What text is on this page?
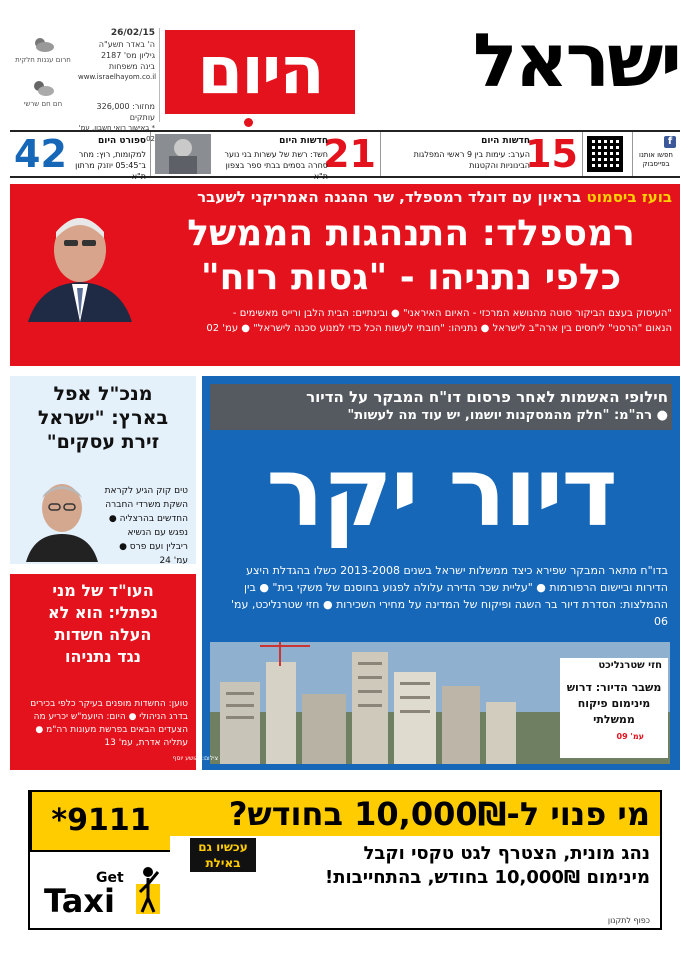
ישראל
היום
26/02/15
ה' באדר תשע"ה
גיליון מס' 2187
בינה משפחות
www.israelhayom.co.il
מחזור: 326,000 עותקים
* באישור רואי חשבון, עמ' 02
חרום עננות חלקית
חם חם שרשי
f
חפשו אותנו בפייסבוק
15
חדשות היום
הערב: עימות בין 9 ראשי המפלגות הבינוניות והקטנות
21
חדשות היום
חשד: רשת של עשרות בני נוער סחרה בסמים בבתי ספר בצפון ת"א
42	ספורט היום
למקומות, רוץ: מחר ב־05:45 יוזנק מרתון ת"א
בועז ביסמוט בראיון עם דונלד רמספלד, שר ההגנה האמריקני לשעבר
רמספלד: התנהגות הממשל
כלפי נתניהו - "גסות רוח"
"העיסוק בעצם הביקור סוטה מהנושא המרכזי - האיום האיראני" ● ובינתיים: הבית הלבן ורייס מאשימים -
הנאום "הרסני" ליחסים בין ארה"ב לישראל ● נתניהו: "חובתי לעשות הכל כדי למנוע סכנה לישראל" ● עמ' 02
מנכ"ל אפל
בארץ: "ישראל
זירת עסקים"
טים קוק הגיע לקראת השקת משרדי החברה החדשים בהרצליה ● נפגש עם הנשיא ריבלין ועם פרס ● עמ' 24
העו"ד של מני
נפתלי: הוא לא
העלה חשדות
נגד נתניהו
טוען: החשדות מופנים בעיקר כלפי בכירים בדרג הניהולי ● היום: היועמ"ש יכריע מה הצעדים הבאים בפרשת מעונות רה"מ ● עתליה אדרת, עמ' 13
חילופי האשמות לאחר פרסום דו"ח המבקר על הדיור
● רה"מ: "חלק מהמסקנות יושמו, יש עוד מה לעשות"
דיור יקר
בדו"ח מתאר המבקר שפירא כיצד ממשלות ישראל בשנים 2013-2008 כשלו בהגדלת היצע הדירות וביישום הרפורמות ● "עליית שכר הדירה עלולה לפגוע בחוסנם של משקי בית" ● בין ההמלצות: הסדרת דיור בר השגה ופיקוח של המדינה על מחירי השכירות ● חזי שטרנליכט, עמ' 06
צילום: יהושע יוסף
חזי שטרנליכט
משבר הדיור: דרוש מינימום פיקוח ממשלתי
עמ' 09
מי פנוי ל-10,000₪ בחודש?
נהג מונית, הצטרף לגט טקסי וקבל מינימום 10,000₪ בחודש, בהתחייבות!
עכשיו גם באילת
כפוף לתקנון
*9111
Get
Taxi
